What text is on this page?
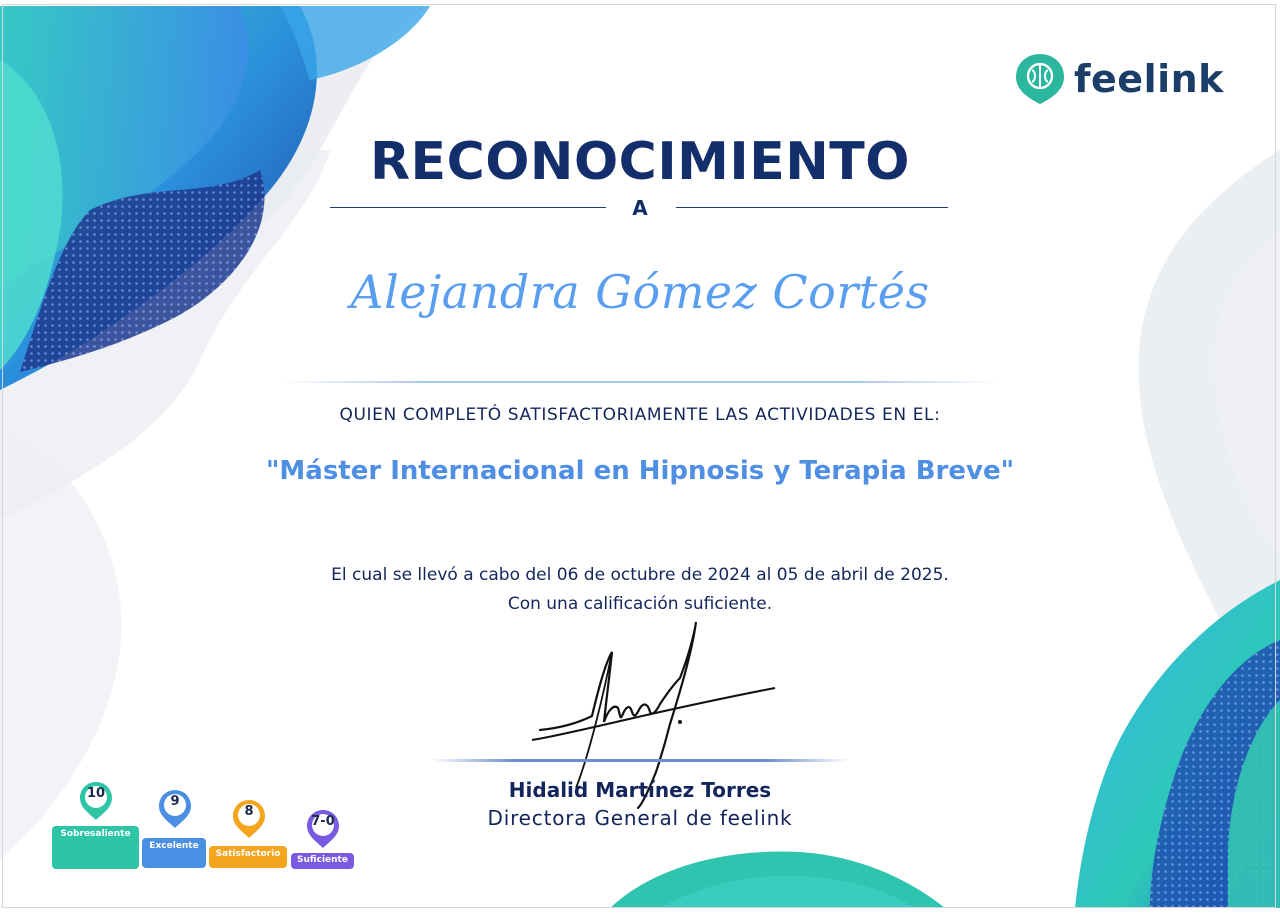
feelink
RECONOCIMIENTO
A
Alejandra Gómez Cortés
QUIEN COMPLETÓ SATISFACTORIAMENTE LAS ACTIVIDADES EN EL:
"Máster Internacional en Hipnosis y Terapia Breve"
El cual se llevó a cabo del 06 de octubre de 2024 al 05 de abril de 2025.
Con una calificación suficiente.
Hidalid Martínez Torres
Directora General de feelink
10
Sobresaliente
9
Excelente
8
Satisfactorio
7-0
Suficiente
